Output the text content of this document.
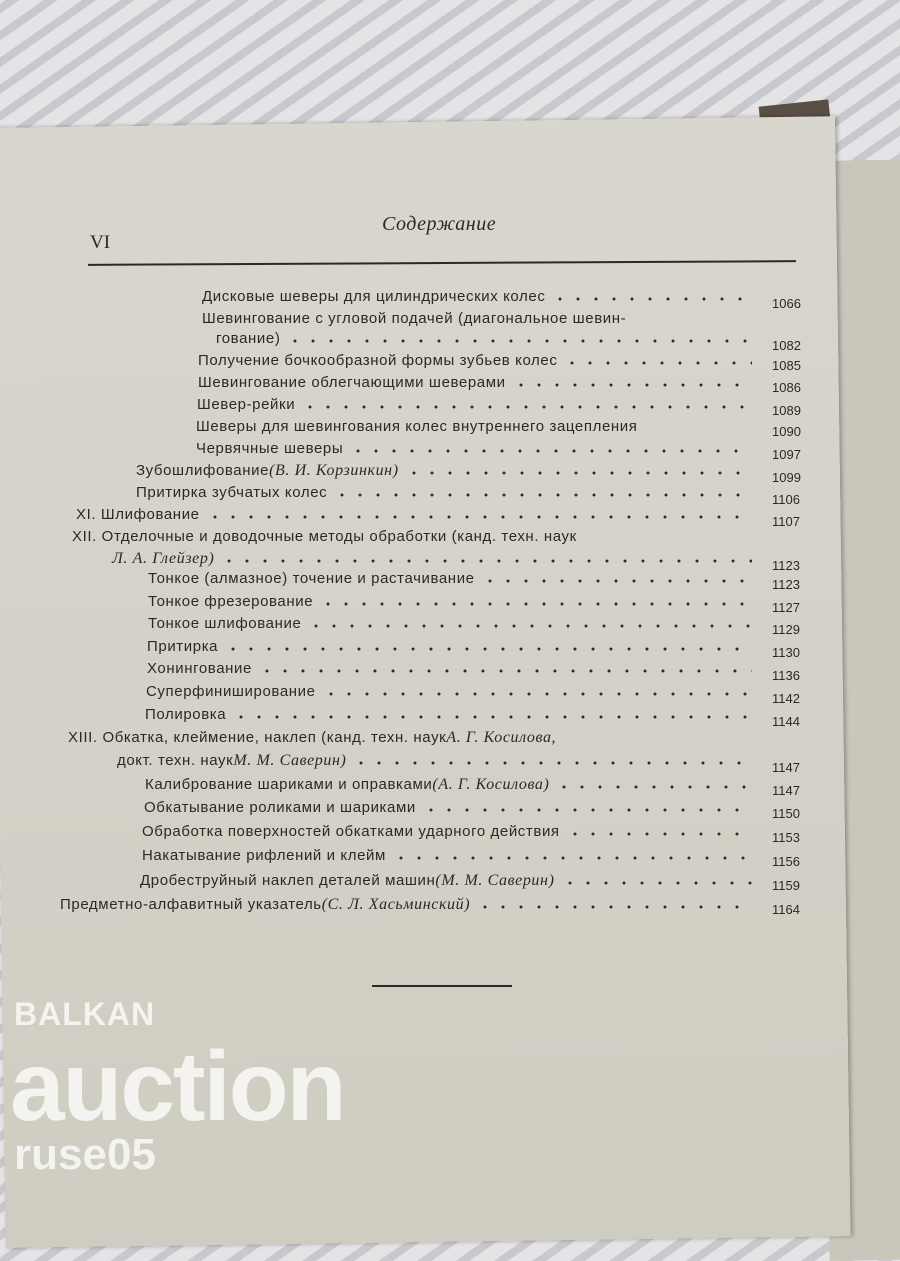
Содержание
VI
Дисковые шеверы для цилиндрических колес	1066
Шевингование с угловой подачей (диагональное шевин-
гование)	1082
Получение бочкообразной формы зубьев колес	1085
Шевингование облегчающими шеверами	1086
Шевер-рейки	1089
Шеверы для шевингования колес внутреннего зацепления	1090
Червячные шеверы	1097
Зубошлифование (В. И. Корзинкин)	1099
Притирка зубчатых колес	1106
XI. Шлифование	1107
XII. Отделочные и доводочные методы обработки (канд. техн. наук
Л. А. Глейзер)	1123
Тонкое (алмазное) точение и растачивание	1123
Тонкое фрезерование	1127
Тонкое шлифование	1129
Притирка	1130
Хонингование	1136
Суперфиниширование	1142
Полировка	1144
XIII. Обкатка, клеймение, наклеп (канд. техн. наук А. Г. Косилова,
докт. техн. наук М. М. Саверин)	1147
Калибрование шариками и оправками (А. Г. Косилова)	1147
Обкатывание роликами и шариками	1150
Обработка поверхностей обкатками ударного действия	1153
Накатывание рифлений и клейм	1156
Дробеструйный наклеп деталей машин (М. М. Саверин)	1159
Предметно-алфавитный указатель (С. Л. Хасьминский)	1164
BALKAN
auction
ruse05
